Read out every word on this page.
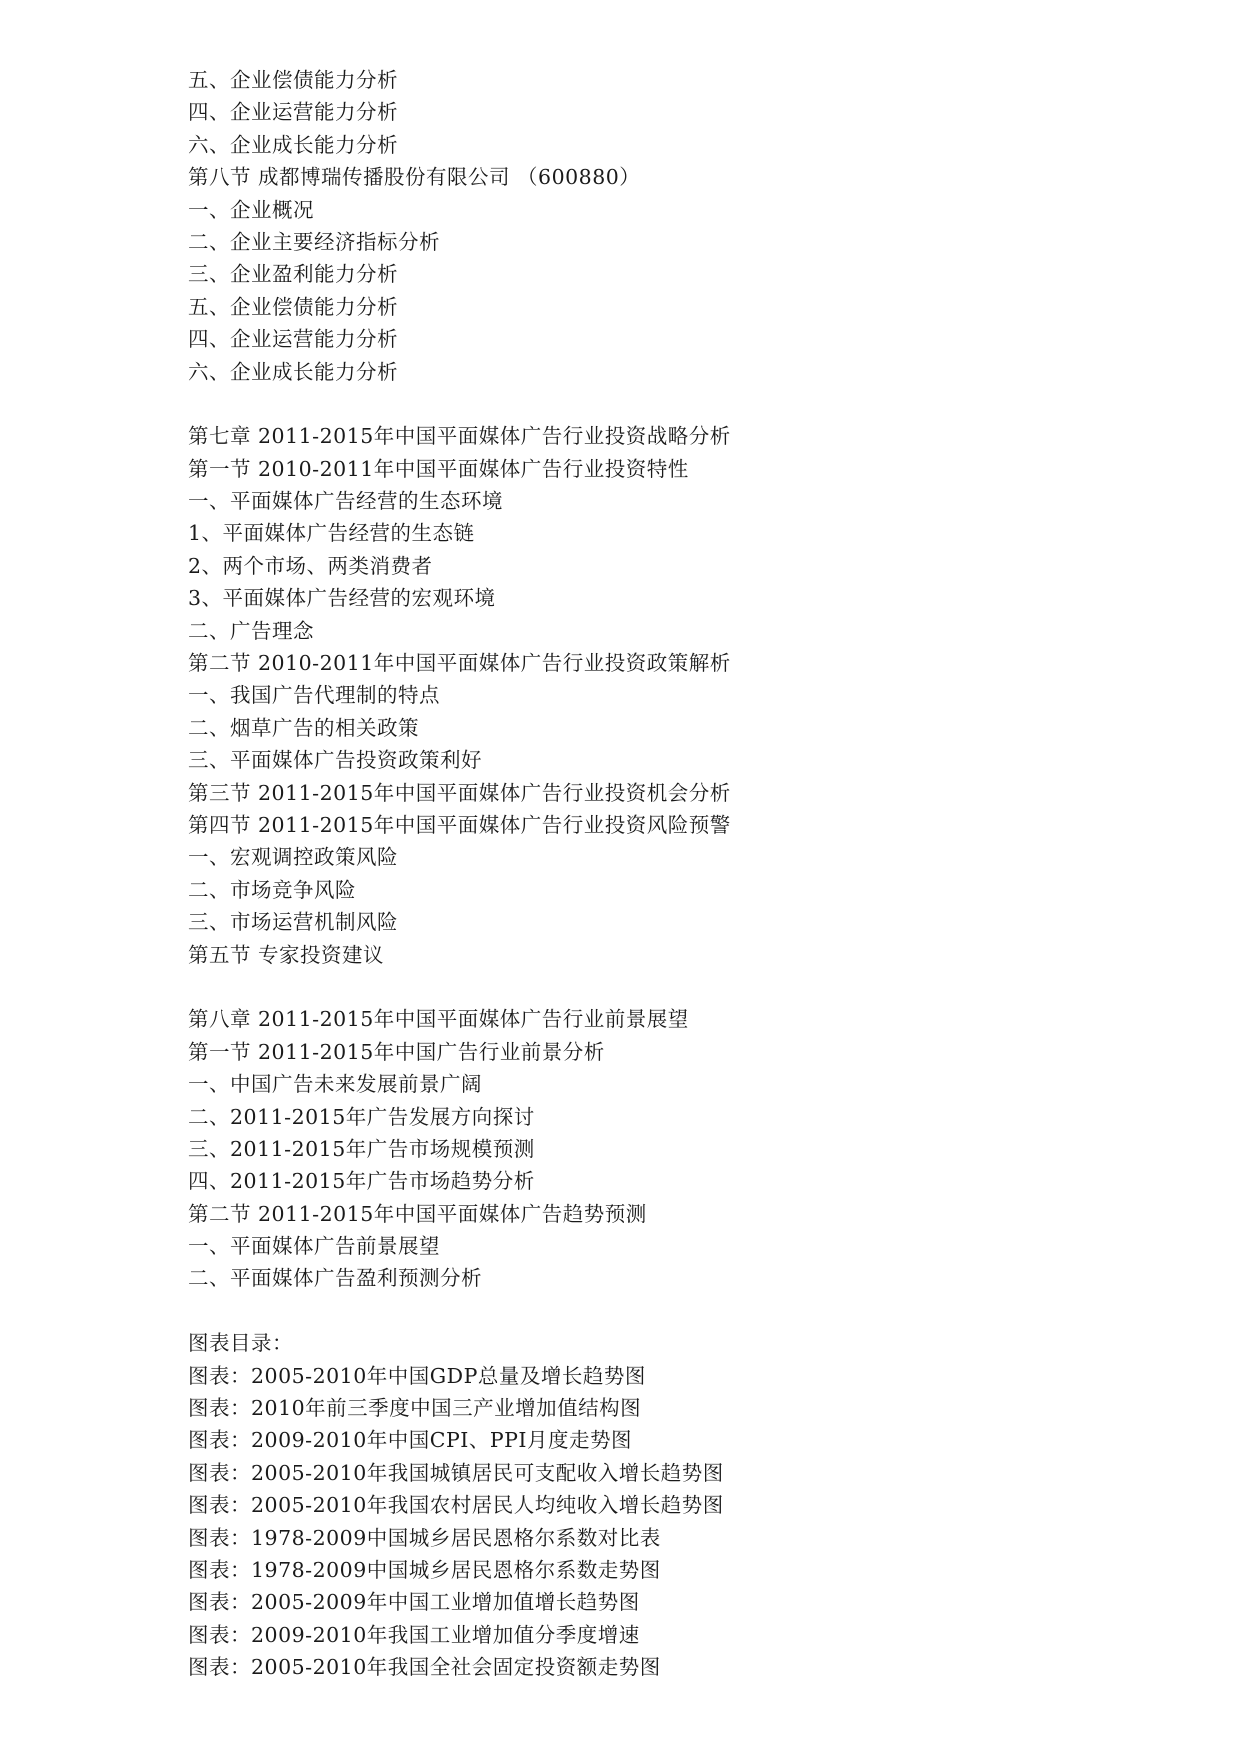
五、企业偿债能力分析
四、企业运营能力分析
六、企业成长能力分析
第八节 成都博瑞传播股份有限公司 （600880）
一、企业概况
二、企业主要经济指标分析
三、企业盈利能力分析
五、企业偿债能力分析
四、企业运营能力分析
六、企业成长能力分析
第七章 2011-2015年中国平面媒体广告行业投资战略分析
第一节 2010-2011年中国平面媒体广告行业投资特性
一、平面媒体广告经营的生态环境
1、平面媒体广告经营的生态链
2、两个市场、两类消费者
3、平面媒体广告经营的宏观环境
二、广告理念
第二节 2010-2011年中国平面媒体广告行业投资政策解析
一、我国广告代理制的特点
二、烟草广告的相关政策
三、平面媒体广告投资政策利好
第三节 2011-2015年中国平面媒体广告行业投资机会分析
第四节 2011-2015年中国平面媒体广告行业投资风险预警
一、宏观调控政策风险
二、市场竞争风险
三、市场运营机制风险
第五节 专家投资建议
第八章 2011-2015年中国平面媒体广告行业前景展望
第一节 2011-2015年中国广告行业前景分析
一、中国广告未来发展前景广阔
二、2011-2015年广告发展方向探讨
三、2011-2015年广告市场规模预测
四、2011-2015年广告市场趋势分析
第二节 2011-2015年中国平面媒体广告趋势预测
一、平面媒体广告前景展望
二、平面媒体广告盈利预测分析
图表目录：
图表：2005-2010年中国GDP总量及增长趋势图
图表：2010年前三季度中国三产业增加值结构图
图表：2009-2010年中国CPI、PPI月度走势图
图表：2005-2010年我国城镇居民可支配收入增长趋势图
图表：2005-2010年我国农村居民人均纯收入增长趋势图
图表：1978-2009中国城乡居民恩格尔系数对比表
图表：1978-2009中国城乡居民恩格尔系数走势图
图表：2005-2009年中国工业增加值增长趋势图
图表：2009-2010年我国工业增加值分季度增速
图表：2005-2010年我国全社会固定投资额走势图
